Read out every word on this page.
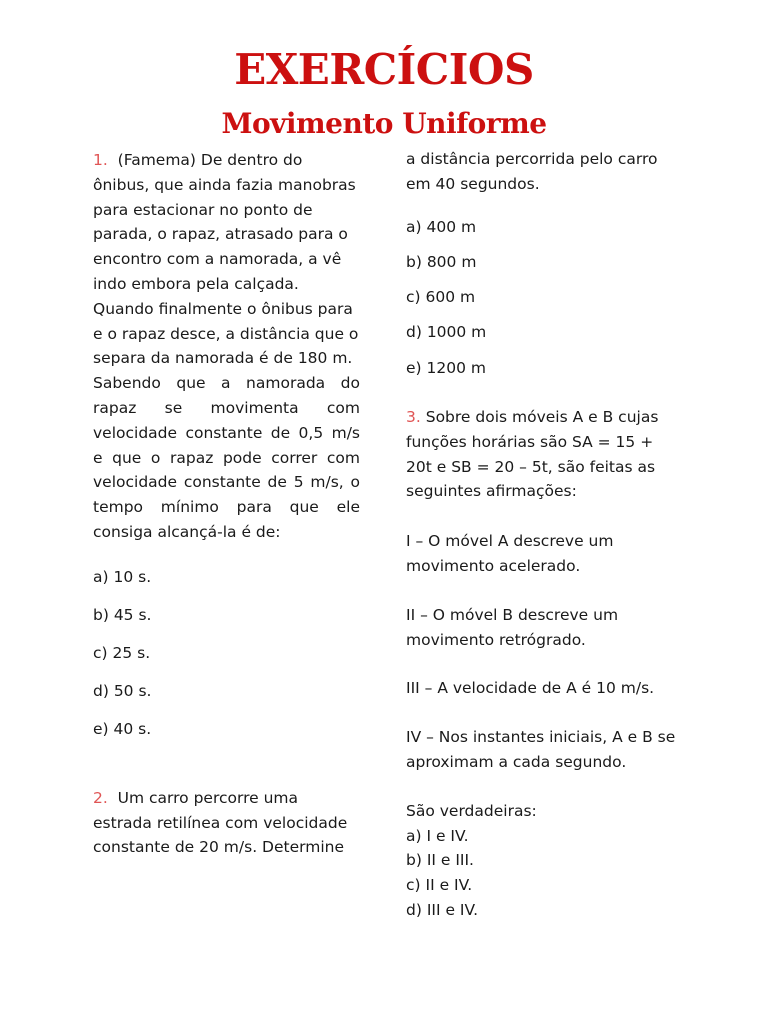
EXERCÍCIOS
Movimento Uniforme

1. (Famema) De dentro do ônibus, que ainda fazia manobras para estacionar no ponto de parada, o rapaz, atrasado para o encontro com a namorada, a vê indo embora pela calçada. Quando finalmente o ônibus para e o rapaz desce, a distância que o separa da namorada é de 180 m.

Sabendo que a namorada do rapaz se movimenta com velocidade constante de 0,5 m/s e que o rapaz pode correr com velocidade constante de 5 m/s, o tempo mínimo para que ele consiga alcançá-la é de:

a) 10 s.

b) 45 s.

c) 25 s.

d) 50 s.

e) 40 s.

2. Um carro percorre uma estrada retilínea com velocidade constante de 20 m/s. Determine

a distância percorrida pelo carro em 40 segundos.

a) 400 m

b) 800 m

c) 600 m

d) 1000 m

e) 1200 m

3. Sobre dois móveis A e B cujas funções horárias são SA = 15 + 20t e SB = 20 – 5t, são feitas as seguintes afirmações:

I – O móvel A descreve um movimento acelerado.

II – O móvel B descreve um movimento retrógrado.

III – A velocidade de A é 10 m/s.

IV – Nos instantes iniciais, A e B se aproximam a cada segundo.

São verdadeiras:

a) I e IV.

b) II e III.

c) II e IV.

d) III e IV.
